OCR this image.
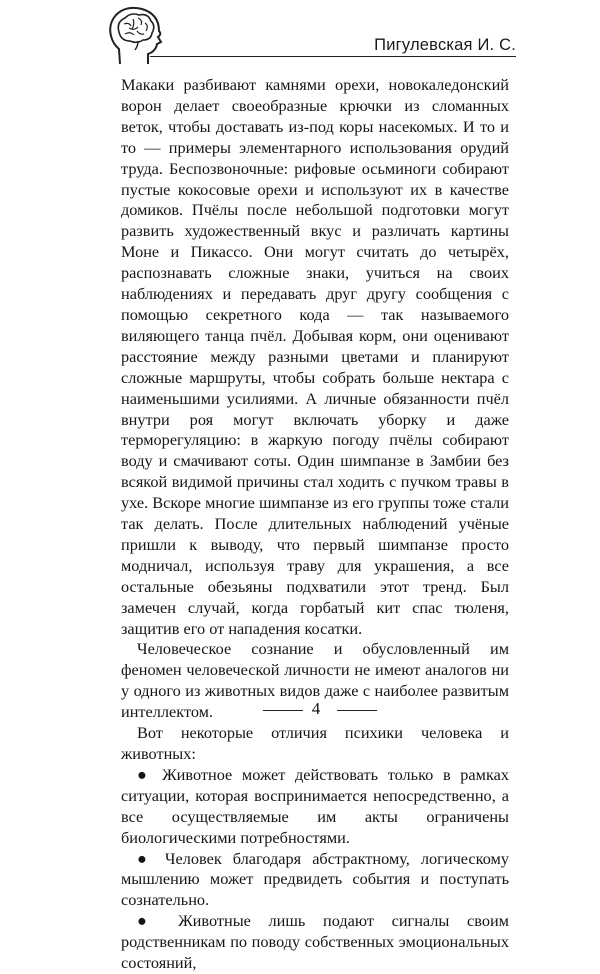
Пигулевская И. С.

Макаки разбивают камнями орехи, новокаледонский ворон делает своеобразные крючки из сломанных веток, чтобы доставать из-под коры насекомых. И то и то — примеры элементарного использования орудий труда. Беспозвоночные: рифовые осьминоги собирают пустые кокосовые орехи и используют их в качестве домиков. Пчёлы после небольшой подготовки могут развить художественный вкус и различать картины Моне и Пикассо. Они могут считать до четырёх, распознавать сложные знаки, учиться на своих наблюдениях и передавать друг другу сообщения с помощью секретного кода — так называемого виляющего танца пчёл. Добывая корм, они оценивают расстояние между разными цветами и планируют сложные маршруты, чтобы собрать больше нектара с наименьшими усилиями. А личные обязанности пчёл внутри роя могут включать уборку и даже терморегуляцию: в жаркую погоду пчёлы собирают воду и смачивают соты. Один шимпанзе в Замбии без всякой видимой причины стал ходить с пучком травы в ухе. Вскоре многие шимпанзе из его группы тоже стали так делать. После длительных наблюдений учёные пришли к выводу, что первый шимпанзе просто модничал, используя траву для украшения, а все остальные обезьяны подхватили этот тренд. Был замечен случай, когда горбатый кит спас тюленя, защитив его от нападения косатки.

Человеческое сознание и обусловленный им феномен человеческой личности не имеют аналогов ни у одного из животных видов даже с наиболее развитым интеллектом.

Вот некоторые отличия психики человека и животных:

● Животное может действовать только в рамках ситуации, которая воспринимается непосредственно, а все осуществляемые им акты ограничены биологическими потребностями.

● Человек благодаря абстрактному, логическому мышлению может предвидеть события и поступать сознательно.

● Животные лишь подают сигналы своим родственникам по поводу собственных эмоциональных состояний,

4
